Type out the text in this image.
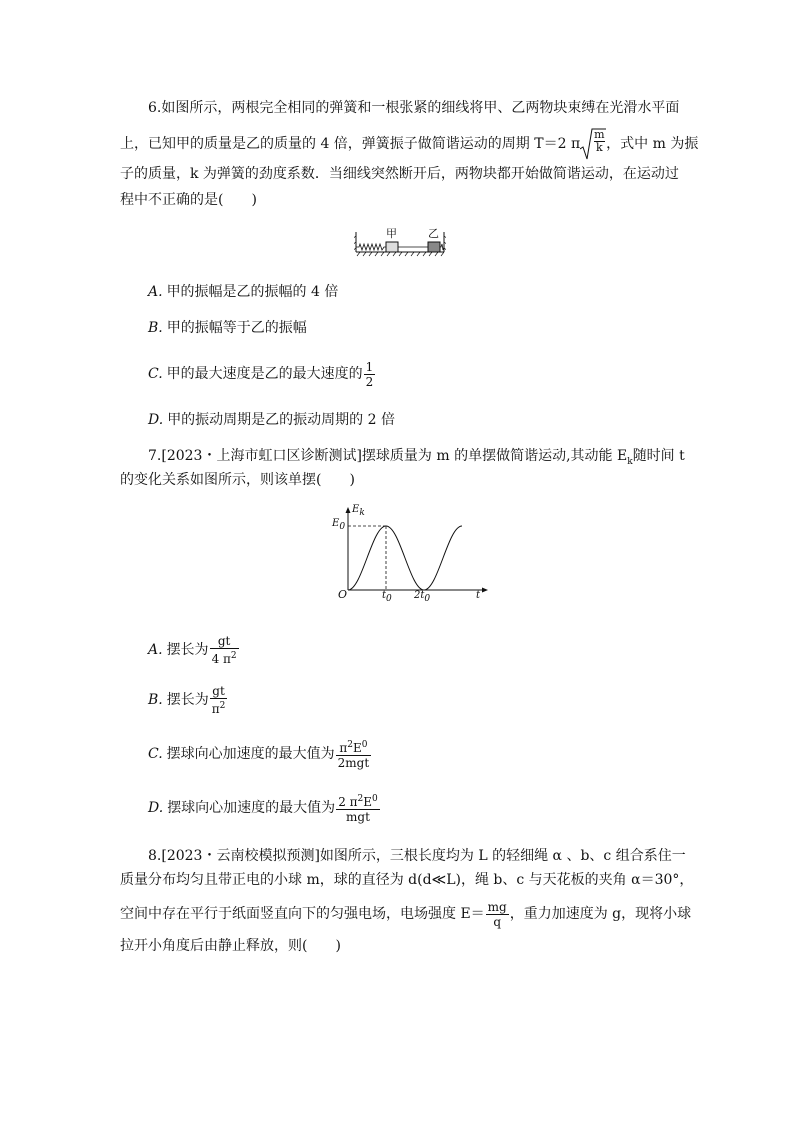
6.如图所示，两根完全相同的弹簧和一根张紧的细线将甲、乙两物块束缚在光滑水平面
上，已知甲的质量是乙的质量的 4 倍，弹簧振子做简谐运动的周期 T＝2 π $\frac{m}{k}$ ，式中 m 为振
子的质量，k 为弹簧的劲度系数．当细线突然断开后，两物块都开始做简谐运动，在运动过
程中不正确的是(　　)
甲	乙
A. 甲的振幅是乙的振幅的 4 倍
B. 甲的振幅等于乙的振幅
C. 甲的最大速度是乙的最大速度的 $\frac{1}{2}$
D. 甲的振动周期是乙的振动周期的 2 倍
7.[2023・上海市虹口区诊断测试]摆球质量为 m 的单摆做简谐运动,其动能 $E_k$随时间 t
的变化关系如图所示，则该单摆(　　)
Ek
E0
O	t0 2t0	t
A. 摆长为 $\frac{gt}{4 \pi^2}$
B. 摆长为 $\frac{gt}{\pi^2}$
C. 摆球向心加速度的最大值为 $\frac{\pi^2E^0}{\text{2mgt}}$
D. 摆球向心加速度的最大值为 $\frac{2 \pi^2E^0}{\text{mgt}}$
8.[2023・云南校模拟预测]如图所示，三根长度均为 L 的轻细绳 α 、b、c 组合系住一
质量分布均匀且带正电的小球 m，球的直径为 d(d≪L)，绳 b、c 与天花板的夹角 α＝30°，
空间中存在平行于纸面竖直向下的匀强电场，电场强度 $E= \frac{mg}{q}$ ，重力加速度为 g，现将小球
拉开小角度后由静止释放，则(　　)
